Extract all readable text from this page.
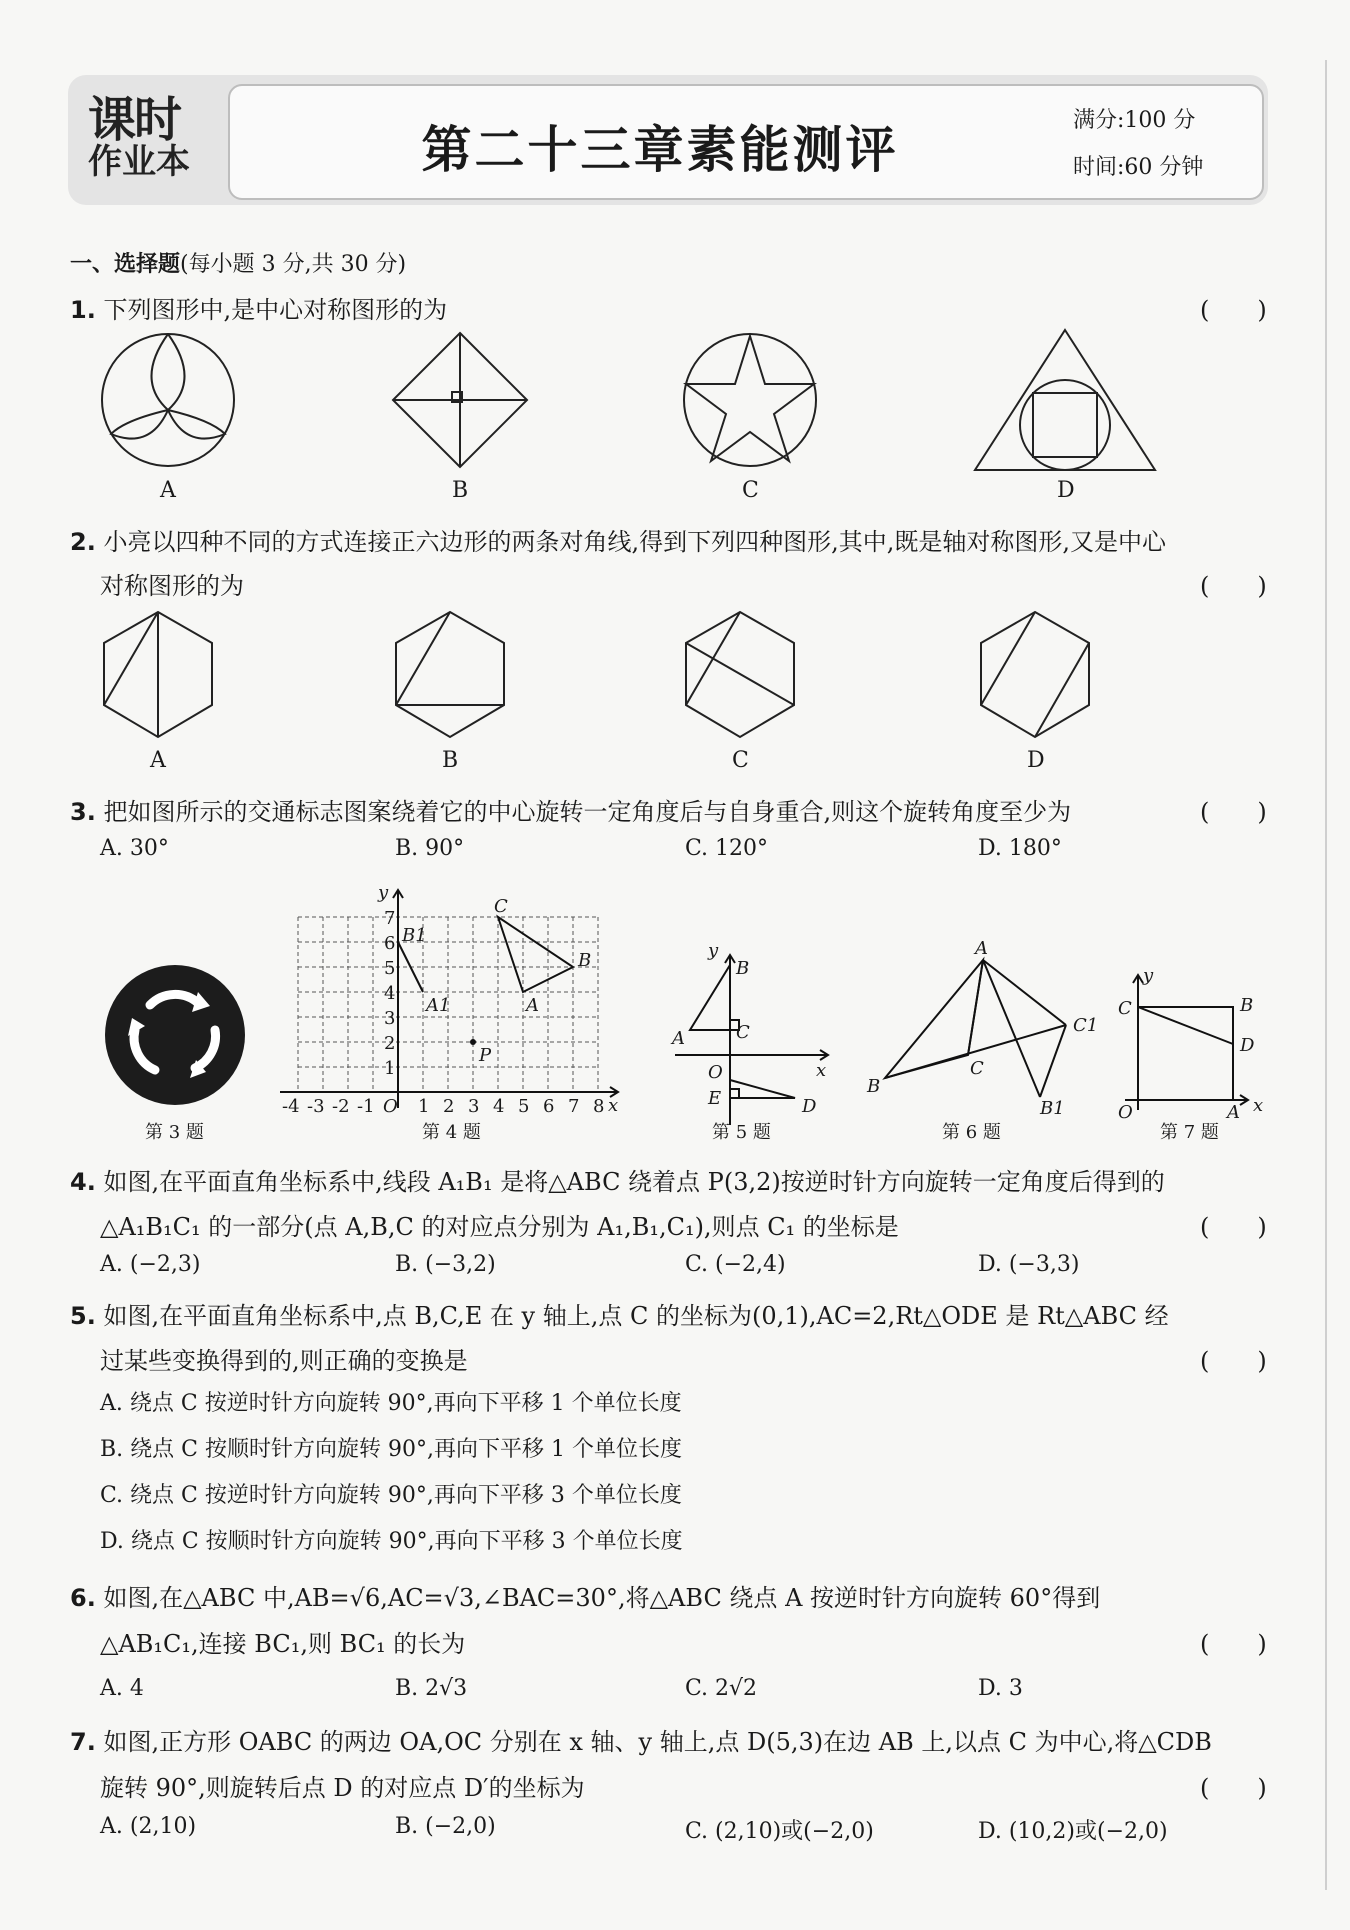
课时
作业本	第二十三章素能测评	满分:100 分
时间:60 分钟
一、选择题(每小题 3 分,共 30 分)
1. 下列图形中,是中心对称图形的为	(　　)
A	B	C	D
2. 小亮以四种不同的方式连接正六边形的两条对角线,得到下列四种图形,其中,既是轴对称图形,又是中心
对称图形的为	(　　)
A	B	C	D
3. 把如图所示的交通标志图案绕着它的中心旋转一定角度后与自身重合,则这个旋转角度至少为	(　　)
A. 30°	B. 90°	C. 120°	D. 180°
y
x
-4 -3 -2 -1 O 1 2 3 4 5 6 7 8
1
2
3
4
5
6
7
A
B
C
A1
B1
P
y
B
A	C
O	x
E	D
A
B
C
C1
B1
y
C	B
D
O	A x
第 3 题	第 4 题	第 5 题	第 6 题	第 7 题
4. 如图,在平面直角坐标系中,线段 A₁B₁ 是将△ABC 绕着点 P(3,2)按逆时针方向旋转一定角度后得到的
△A₁B₁C₁ 的一部分(点 A,B,C 的对应点分别为 A₁,B₁,C₁),则点 C₁ 的坐标是	(　　)
A. (−2,3)	B. (−3,2)	C. (−2,4)	D. (−3,3)
5. 如图,在平面直角坐标系中,点 B,C,E 在 y 轴上,点 C 的坐标为(0,1),AC=2,Rt△ODE 是 Rt△ABC 经
过某些变换得到的,则正确的变换是	(　　)
A. 绕点 C 按逆时针方向旋转 90°,再向下平移 1 个单位长度
B. 绕点 C 按顺时针方向旋转 90°,再向下平移 1 个单位长度
C. 绕点 C 按逆时针方向旋转 90°,再向下平移 3 个单位长度
D. 绕点 C 按顺时针方向旋转 90°,再向下平移 3 个单位长度
6. 如图,在△ABC 中,AB=√6,AC=√3,∠BAC=30°,将△ABC 绕点 A 按逆时针方向旋转 60°得到
△AB₁C₁,连接 BC₁,则 BC₁ 的长为	(　　)
A. 4	B. 2√3	C. 2√2	D. 3
7. 如图,正方形 OABC 的两边 OA,OC 分别在 x 轴、y 轴上,点 D(5,3)在边 AB 上,以点 C 为中心,将△CDB
旋转 90°,则旋转后点 D 的对应点 D′的坐标为	(　　)
A. (2,10)	B. (−2,0)	C. (2,10)或(−2,0)	D. (10,2)或(−2,0)
